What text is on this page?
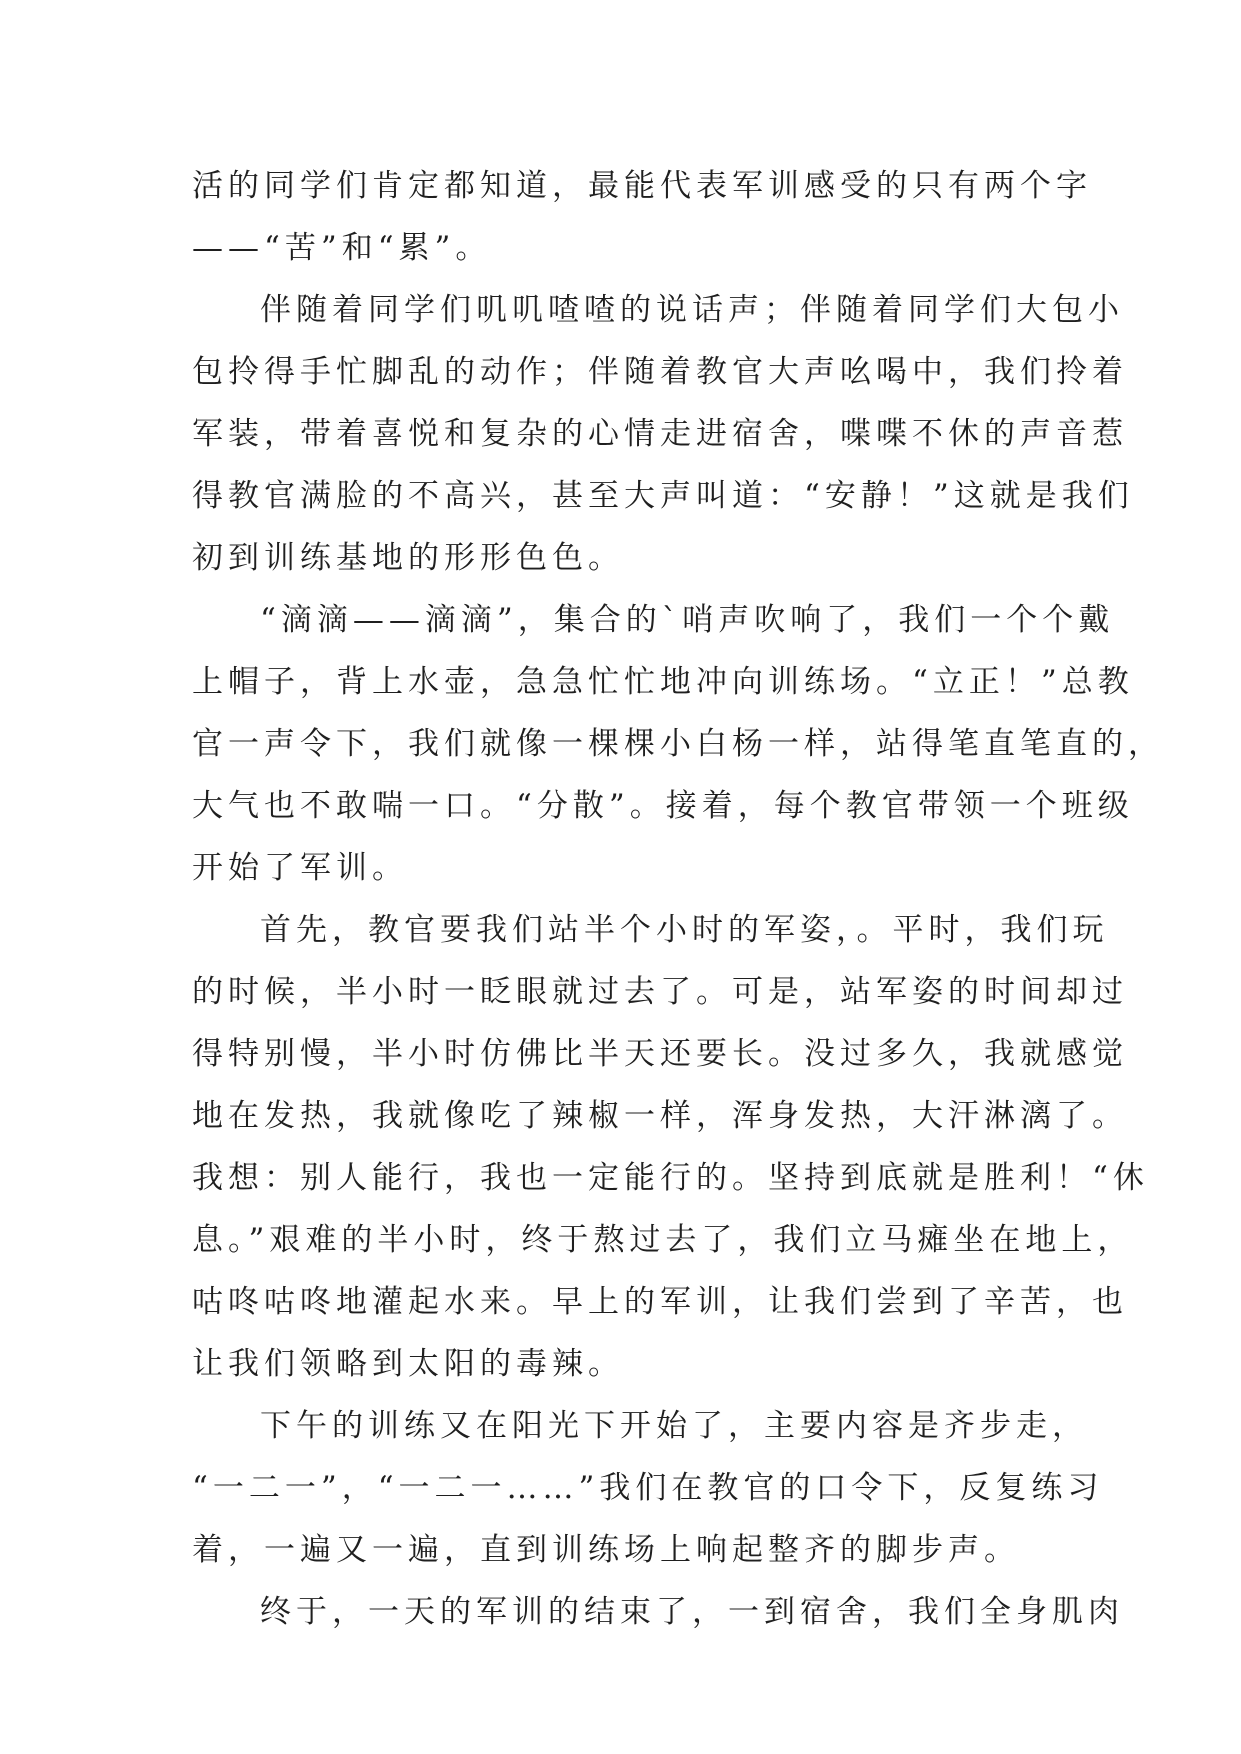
活的同学们肯定都知道，最能代表军训感受的只有两个字
——“苦”和“累”。
伴随着同学们叽叽喳喳的说话声；伴随着同学们大包小
包拎得手忙脚乱的动作；伴随着教官大声吆喝中，我们拎着
军装，带着喜悦和复杂的心情走进宿舍，喋喋不休的声音惹
得教官满脸的不高兴，甚至大声叫道：“安静！”这就是我们
初到训练基地的形形色色。
“滴滴——滴滴”，集合的`哨声吹响了，我们一个个戴
上帽子，背上水壶，急急忙忙地冲向训练场。“立正！”总教
官一声令下，我们就像一棵棵小白杨一样，站得笔直笔直的，
大气也不敢喘一口。“分散”。接着，每个教官带领一个班级
开始了军训。
首先，教官要我们站半个小时的军姿，。平时，我们玩
的时候，半小时一眨眼就过去了。可是，站军姿的时间却过
得特别慢，半小时仿佛比半天还要长。没过多久，我就感觉
地在发热，我就像吃了辣椒一样，浑身发热，大汗淋漓了。
我想：别人能行，我也一定能行的。坚持到底就是胜利！“休
息。”艰难的半小时，终于熬过去了，我们立马瘫坐在地上，
咕咚咕咚地灌起水来。早上的军训，让我们尝到了辛苦，也
让我们领略到太阳的毒辣。
下午的训练又在阳光下开始了，主要内容是齐步走，
“一二一”，“一二一……”我们在教官的口令下，反复练习
着，一遍又一遍，直到训练场上响起整齐的脚步声。
终于，一天的军训的结束了，一到宿舍，我们全身肌肉
